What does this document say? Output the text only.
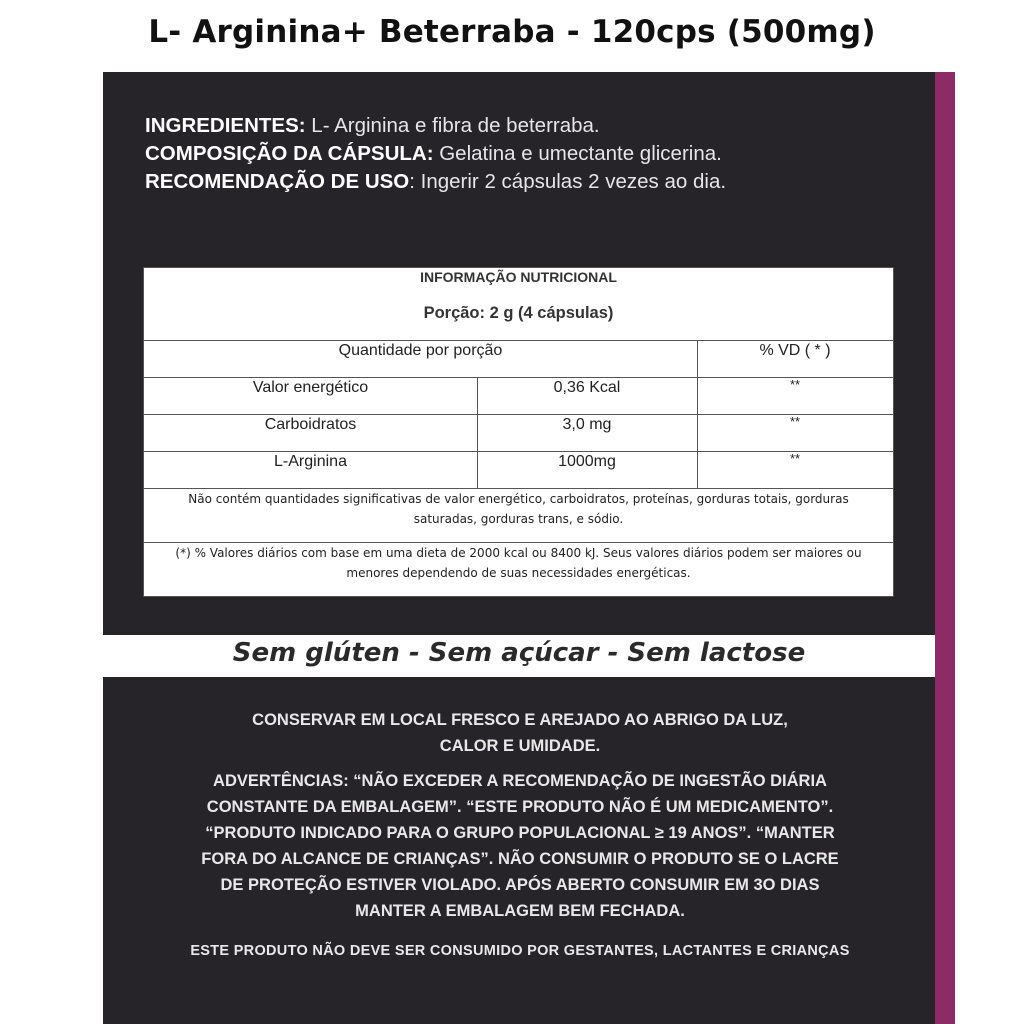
L- Arginina+ Beterraba - 120cps (500mg)
INGREDIENTES: L- Arginina e fibra de beterraba.
COMPOSIÇÃO DA CÁPSULA: Gelatina e umectante glicerina.
RECOMENDAÇÃO DE USO: Ingerir 2 cápsulas 2 vezes ao dia.
INFORMAÇÃO NUTRICIONAL
Porção: 2 g (4 cápsulas)
Quantidade por porção	% VD ( * )
Valor energético	0,36 Kcal	**
Carboidratos	3,0 mg	**
L-Arginina	1000mg	**
Não contém quantidades significativas de valor energético, carboidratos, proteínas, gorduras totais, gorduras
saturadas, gorduras trans, e sódio.
(*) % Valores diários com base em uma dieta de 2000 kcal ou 8400 kJ. Seus valores diários podem ser maiores ou
menores dependendo de suas necessidades energéticas.
Sem glúten - Sem açúcar - Sem lactose
CONSERVAR EM LOCAL FRESCO E AREJADO AO ABRIGO DA LUZ,
CALOR E UMIDADE.
ADVERTÊNCIAS: “NÃO EXCEDER A RECOMENDAÇÃO DE INGESTÃO DIÁRIA
CONSTANTE DA EMBALAGEM”. “ESTE PRODUTO NÃO É UM MEDICAMENTO”.
“PRODUTO INDICADO PARA O GRUPO POPULACIONAL ≥ 19 ANOS”. “MANTER
FORA DO ALCANCE DE CRIANÇAS”. NÃO CONSUMIR O PRODUTO SE O LACRE
DE PROTEÇÃO ESTIVER VIOLADO. APÓS ABERTO CONSUMIR EM 3O DIAS
MANTER A EMBALAGEM BEM FECHADA.
ESTE PRODUTO NÃO DEVE SER CONSUMIDO POR GESTANTES, LACTANTES E CRIANÇAS
